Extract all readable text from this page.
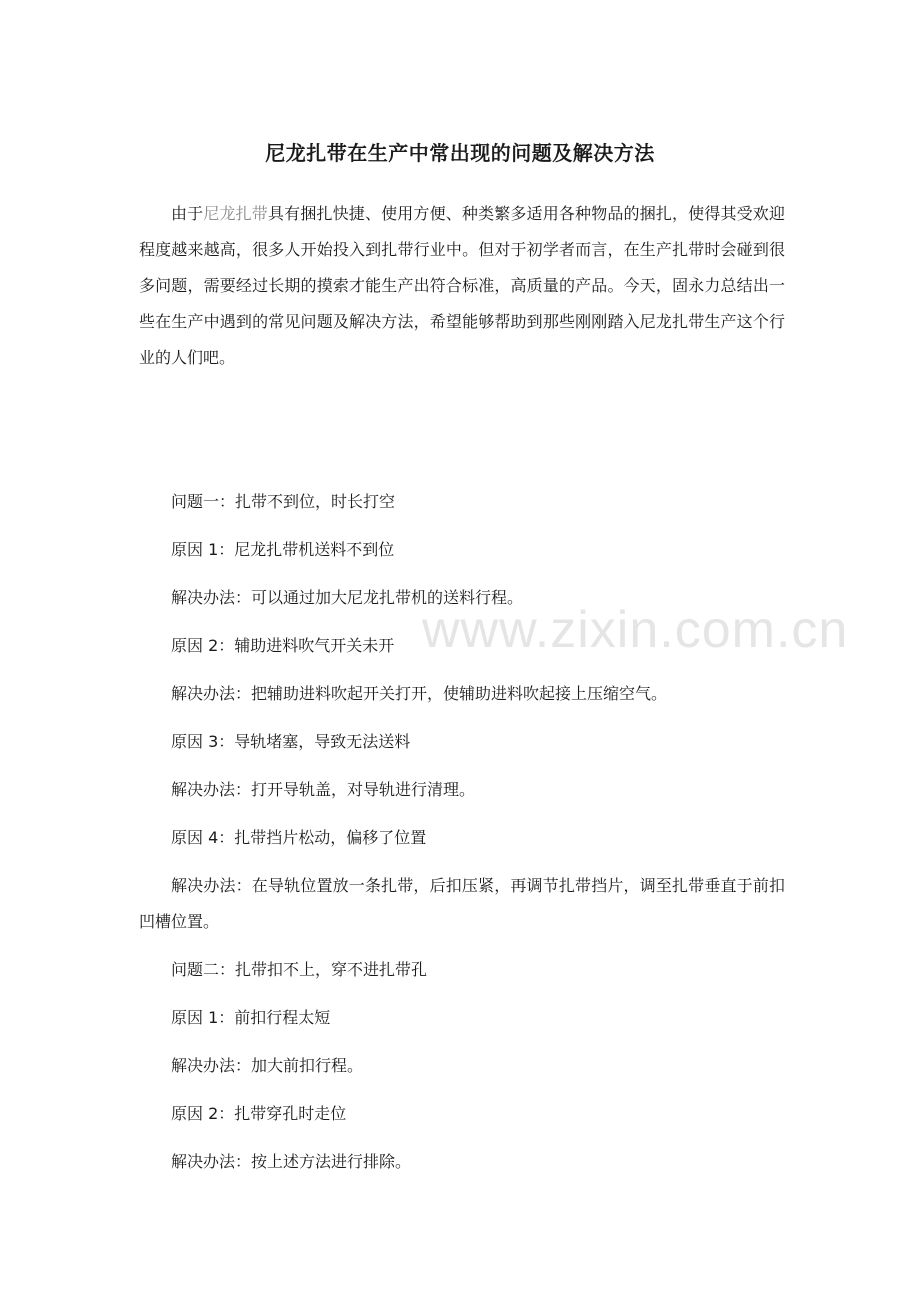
尼龙扎带在生产中常出现的问题及解决方法

由于尼龙扎带具有捆扎快捷、使用方便、种类繁多适用各种物品的捆扎，使得其受欢迎程度越来越高，很多人开始投入到扎带行业中。但对于初学者而言，在生产扎带时会碰到很多问题，需要经过长期的摸索才能生产出符合标准，高质量的产品。今天，固永力总结出一些在生产中遇到的常见问题及解决方法，希望能够帮助到那些刚刚踏入尼龙扎带生产这个行业的人们吧。

问题一：扎带不到位，时长打空
原因 1：尼龙扎带机送料不到位
解决办法：可以通过加大尼龙扎带机的送料行程。
原因 2：辅助进料吹气开关未开
解决办法：把辅助进料吹起开关打开，使辅助进料吹起接上压缩空气。
原因 3：导轨堵塞，导致无法送料
解决办法：打开导轨盖，对导轨进行清理。
原因 4：扎带挡片松动，偏移了位置
解决办法：在导轨位置放一条扎带，后扣压紧，再调节扎带挡片，调至扎带垂直于前扣凹槽位置。
问题二：扎带扣不上，穿不进扎带孔
原因 1：前扣行程太短
解决办法：加大前扣行程。
原因 2：扎带穿孔时走位
解决办法：按上述方法进行排除。
www.zixin.com.cn
